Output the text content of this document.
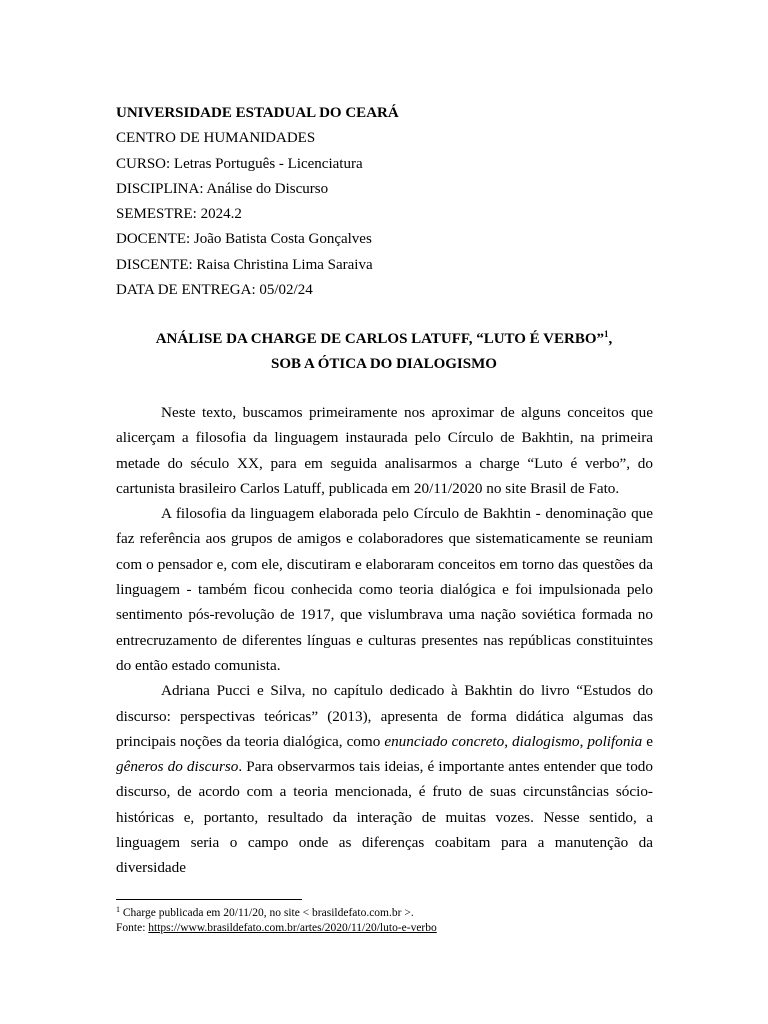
UNIVERSIDADE ESTADUAL DO CEARÁ
CENTRO DE HUMANIDADES
CURSO: Letras Português - Licenciatura
DISCIPLINA: Análise do Discurso
SEMESTRE: 2024.2
DOCENTE: João Batista Costa Gonçalves
DISCENTE: Raisa Christina Lima Saraiva
DATA DE ENTREGA: 05/02/24
ANÁLISE DA CHARGE DE CARLOS LATUFF, “LUTO É VERBO”$^1$,
SOB A ÓTICA DO DIALOGISMO

Neste texto, buscamos primeiramente nos aproximar de alguns conceitos que alicerçam a filosofia da linguagem instaurada pelo Círculo de Bakhtin, na primeira metade do século XX, para em seguida analisarmos a charge “Luto é verbo”, do cartunista brasileiro Carlos Latuff, publicada em 20/11/2020 no site Brasil de Fato.

A filosofia da linguagem elaborada pelo Círculo de Bakhtin - denominação que faz referência aos grupos de amigos e colaboradores que sistematicamente se reuniam com o pensador e, com ele, discutiram e elaboraram conceitos em torno das questões da linguagem - também ficou conhecida como teoria dialógica e foi impulsionada pelo sentimento pós-revolução de 1917, que vislumbrava uma nação soviética formada no entrecruzamento de diferentes línguas e culturas presentes nas repúblicas constituintes do então estado comunista.

Adriana Pucci e Silva, no capítulo dedicado à Bakhtin do livro “Estudos do discurso: perspectivas teóricas” (2013), apresenta de forma didática algumas das principais noções da teoria dialógica, como enunciado concreto, dialogismo, polifonia e gêneros do discurso. Para observarmos tais ideias, é importante antes entender que todo discurso, de acordo com a teoria mencionada, é fruto de suas circunstâncias sócio-históricas e, portanto, resultado da interação de muitas vozes. Nesse sentido, a linguagem seria o campo onde as diferenças coabitam para a manutenção da diversidade

$^1$ Charge publicada em 20/11/20, no site < brasildefato.com.br >.
Fonte: https://www.brasildefato.com.br/artes/2020/11/20/luto-e-verbo
